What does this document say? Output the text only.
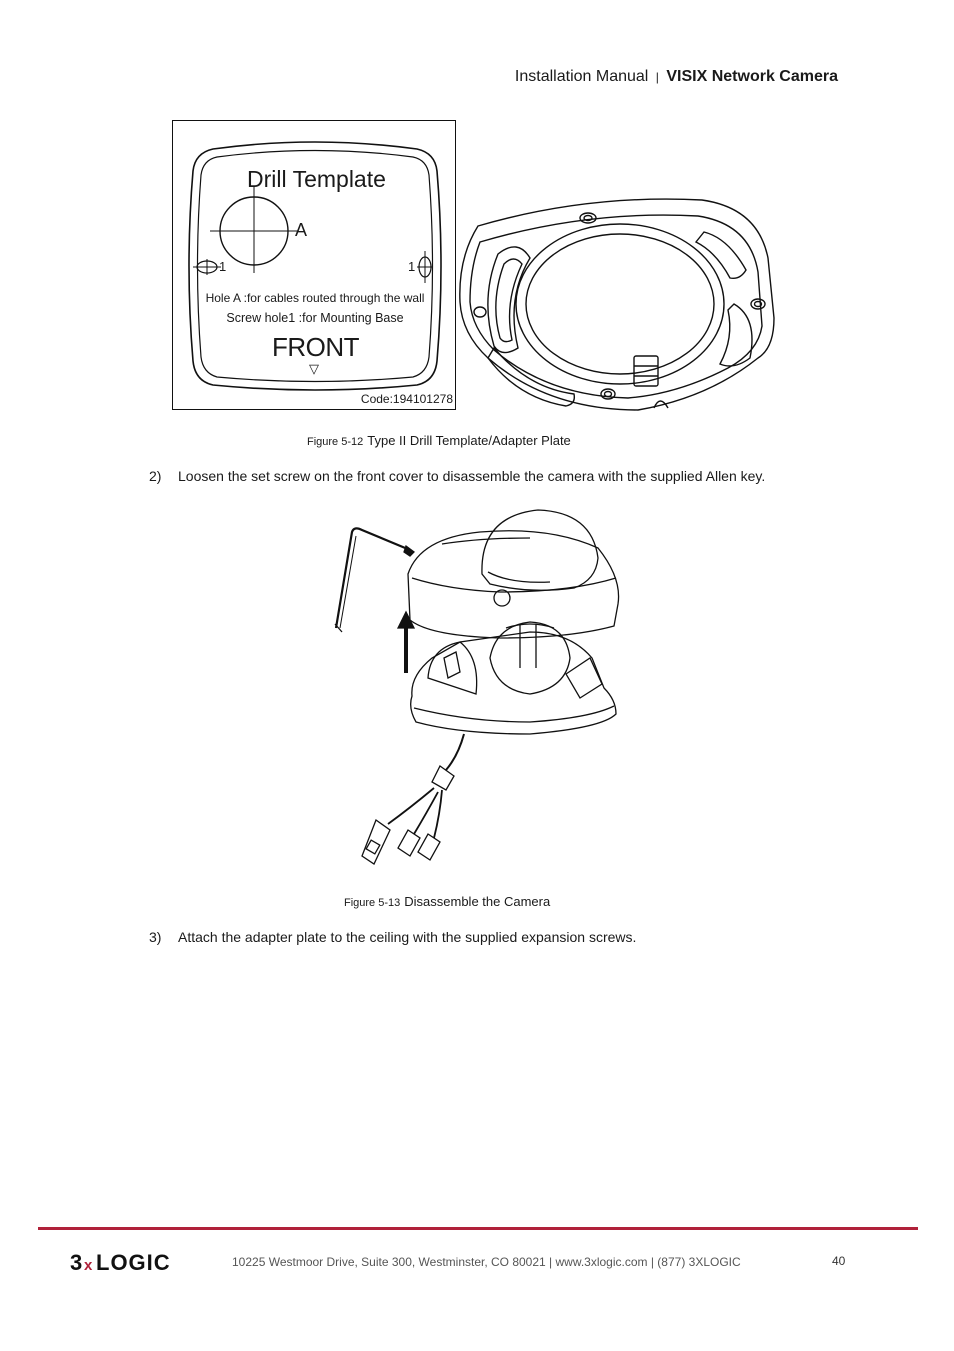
Installation Manual | VISIX Network Camera
Drill Template
A
1	1
Hole A :for cables routed through the wall
Screw hole1 :for Mounting Base
FRONT
▽
Code:194101278
Figure 5-12 Type II Drill Template/Adapter Plate
2) Loosen the set screw on the front cover to disassemble the camera with the supplied Allen key.
Figure 5-13 Disassemble the Camera
3) Attach the adapter plate to the ceiling with the supplied expansion screws.
3 x LOGIC	10225 Westmoor Drive, Suite 300, Westminster, CO 80021 | www.3xlogic.com | (877) 3XLOGIC	40
